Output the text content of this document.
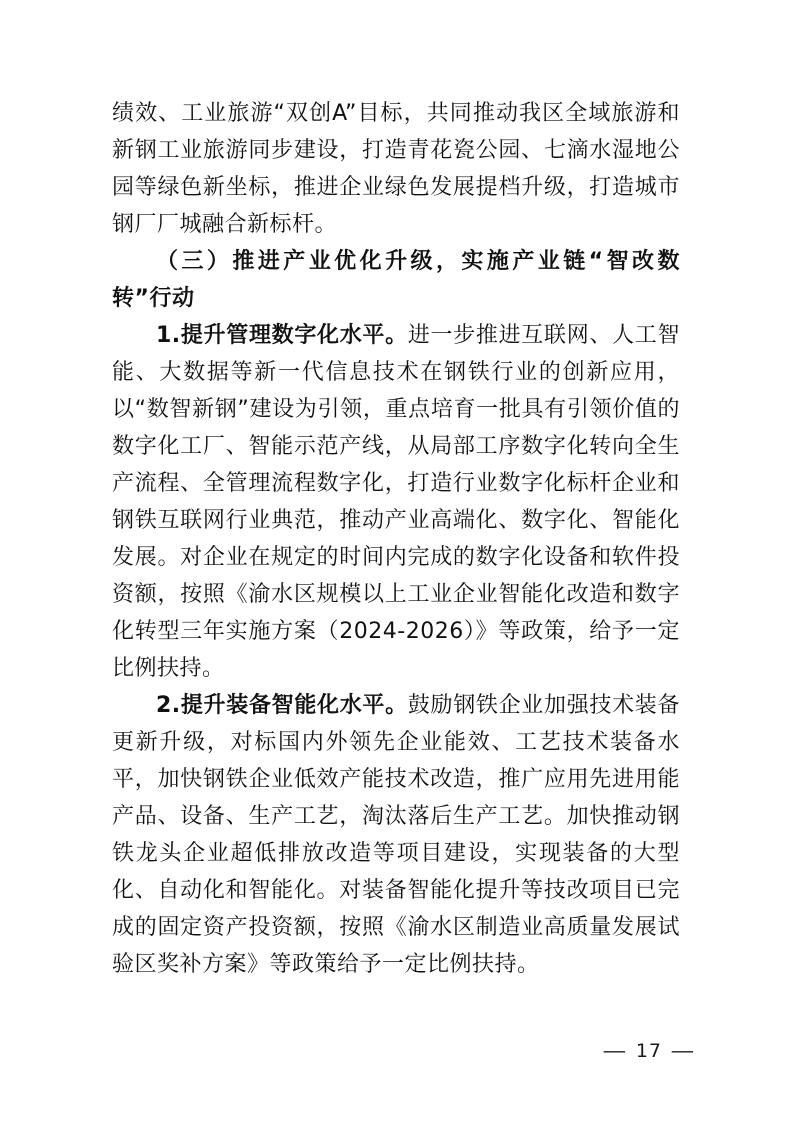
绩效、工业旅游“双创A”目标，共同推动我区全域旅游和新钢工业旅游同步建设，打造青花瓷公园、七滴水湿地公园等绿色新坐标，推进企业绿色发展提档升级，打造城市钢厂厂城融合新标杆。

（三）推进产业优化升级，实施产业链“智改数转”行动

1.提升管理数字化水平。进一步推进互联网、人工智能、大数据等新一代信息技术在钢铁行业的创新应用，以“数智新钢”建设为引领，重点培育一批具有引领价值的数字化工厂、智能示范产线，从局部工序数字化转向全生产流程、全管理流程数字化，打造行业数字化标杆企业和钢铁互联网行业典范，推动产业高端化、数字化、智能化发展。对企业在规定的时间内完成的数字化设备和软件投资额，按照《渝水区规模以上工业企业智能化改造和数字化转型三年实施方案（2024-2026）》等政策，给予一定比例扶持。

2.提升装备智能化水平。鼓励钢铁企业加强技术装备更新升级，对标国内外领先企业能效、工艺技术装备水平，加快钢铁企业低效产能技术改造，推广应用先进用能产品、设备、生产工艺，淘汰落后生产工艺。加快推动钢铁龙头企业超低排放改造等项目建设，实现装备的大型化、自动化和智能化。对装备智能化提升等技改项目已完成的固定资产投资额，按照《渝水区制造业高质量发展试验区奖补方案》等政策给予一定比例扶持。

— 17 —
